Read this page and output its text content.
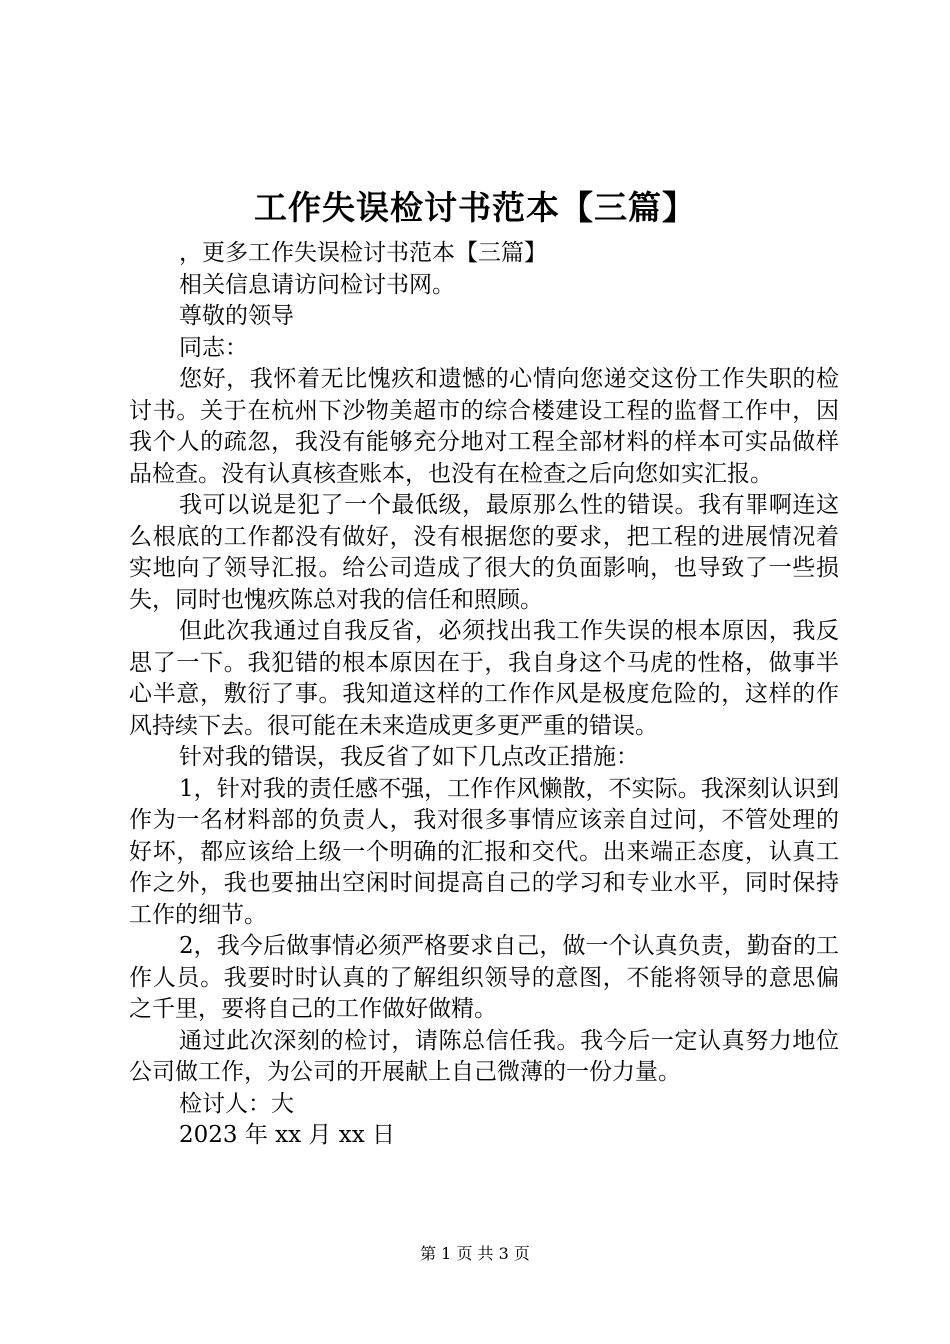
工作失误检讨书范本【三篇】

，更多工作失误检讨书范本【三篇】

相关信息请访问检讨书网。

尊敬的领导

同志：

您好，我怀着无比愧疚和遗憾的心情向您递交这份工作失职的检讨书。关于在杭州下沙物美超市的综合楼建设工程的监督工作中，因我个人的疏忽，我没有能够充分地对工程全部材料的样本可实品做样品检查。没有认真核查账本，也没有在检查之后向您如实汇报。

我可以说是犯了一个最低级，最原那么性的错误。我有罪啊连这么根底的工作都没有做好，没有根据您的要求，把工程的进展情况着实地向了领导汇报。给公司造成了很大的负面影响，也导致了一些损失，同时也愧疚陈总对我的信任和照顾。

但此次我通过自我反省，必须找出我工作失误的根本原因，我反思了一下。我犯错的根本原因在于，我自身这个马虎的性格，做事半心半意，敷衍了事。我知道这样的工作作风是极度危险的，这样的作风持续下去。很可能在未来造成更多更严重的错误。

针对我的错误，我反省了如下几点改正措施：

1，针对我的责任感不强，工作作风懒散，不实际。我深刻认识到作为一名材料部的负责人，我对很多事情应该亲自过问，不管处理的好坏，都应该给上级一个明确的汇报和交代。出来端正态度，认真工作之外，我也要抽出空闲时间提高自己的学习和专业水平，同时保持工作的细节。

2，我今后做事情必须严格要求自己，做一个认真负责，勤奋的工作人员。我要时时认真的了解组织领导的意图，不能将领导的意思偏之千里，要将自己的工作做好做精。

通过此次深刻的检讨，请陈总信任我。我今后一定认真努力地位公司做工作，为公司的开展献上自己微薄的一份力量。

检讨人：大

2023 年 xx 月 xx 日

第 1 页 共 3 页
